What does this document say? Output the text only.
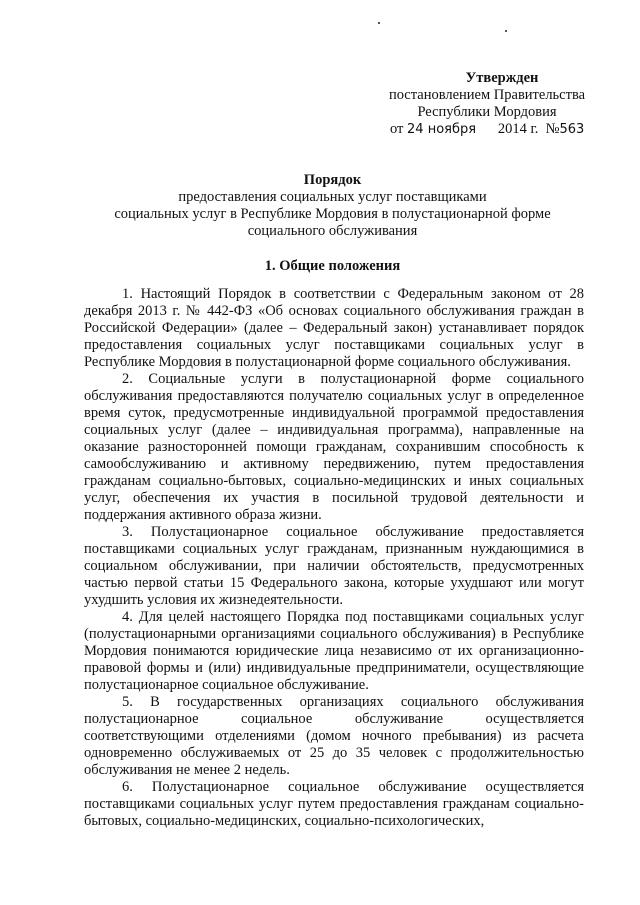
Утвержден
постановлением Правительства
Республики Мордовия
от 24 ноября 2014 г. №563
Порядок
предоставления социальных услуг поставщиками
социальных услуг в Республике Мордовия в полустационарной форме
социального обслуживания
1. Общие положения

1. Настоящий Порядок в соответствии с Федеральным законом от 28 декабря 2013 г. № 442-ФЗ «Об основах социального обслуживания граждан в Российской Федерации» (далее – Федеральный закон) устанавливает порядок предоставления социальных услуг поставщиками социальных услуг в Республике Мордовия в полустационарной форме социального обслуживания.

2. Социальные услуги в полустационарной форме социального обслуживания предоставляются получателю социальных услуг в определенное время суток, предусмотренные индивидуальной программой предоставления социальных услуг (далее – индивидуальная программа), направленные на оказание разносторонней помощи гражданам, сохранившим способность к самообслуживанию и активному передвижению, путем предоставления гражданам социально-бытовых, социально-медицинских и иных социальных услуг, обеспечения их участия в посильной трудовой деятельности и поддержания активного образа жизни.

3. Полустационарное социальное обслуживание предоставляется поставщиками социальных услуг гражданам, признанным нуждающимися в социальном обслуживании, при наличии обстоятельств, предусмотренных частью первой статьи 15 Федерального закона, которые ухудшают или могут ухудшить условия их жизнедеятельности.

4. Для целей настоящего Порядка под поставщиками социальных услуг (полустационарными организациями социального обслуживания) в Республике Мордовия понимаются юридические лица независимо от их организационно-правовой формы и (или) индивидуальные предприниматели, осуществляющие полустационарное социальное обслуживание.

5. В государственных организациях социального обслуживания полустационарное социальное обслуживание осуществляется соответствующими отделениями (домом ночного пребывания) из расчета одновременно обслуживаемых от 25 до 35 человек с продолжительностью обслуживания не менее 2 недель.

6. Полустационарное социальное обслуживание осуществляется поставщиками социальных услуг путем предоставления гражданам социально-бытовых, социально-медицинских, социально-психологических,
